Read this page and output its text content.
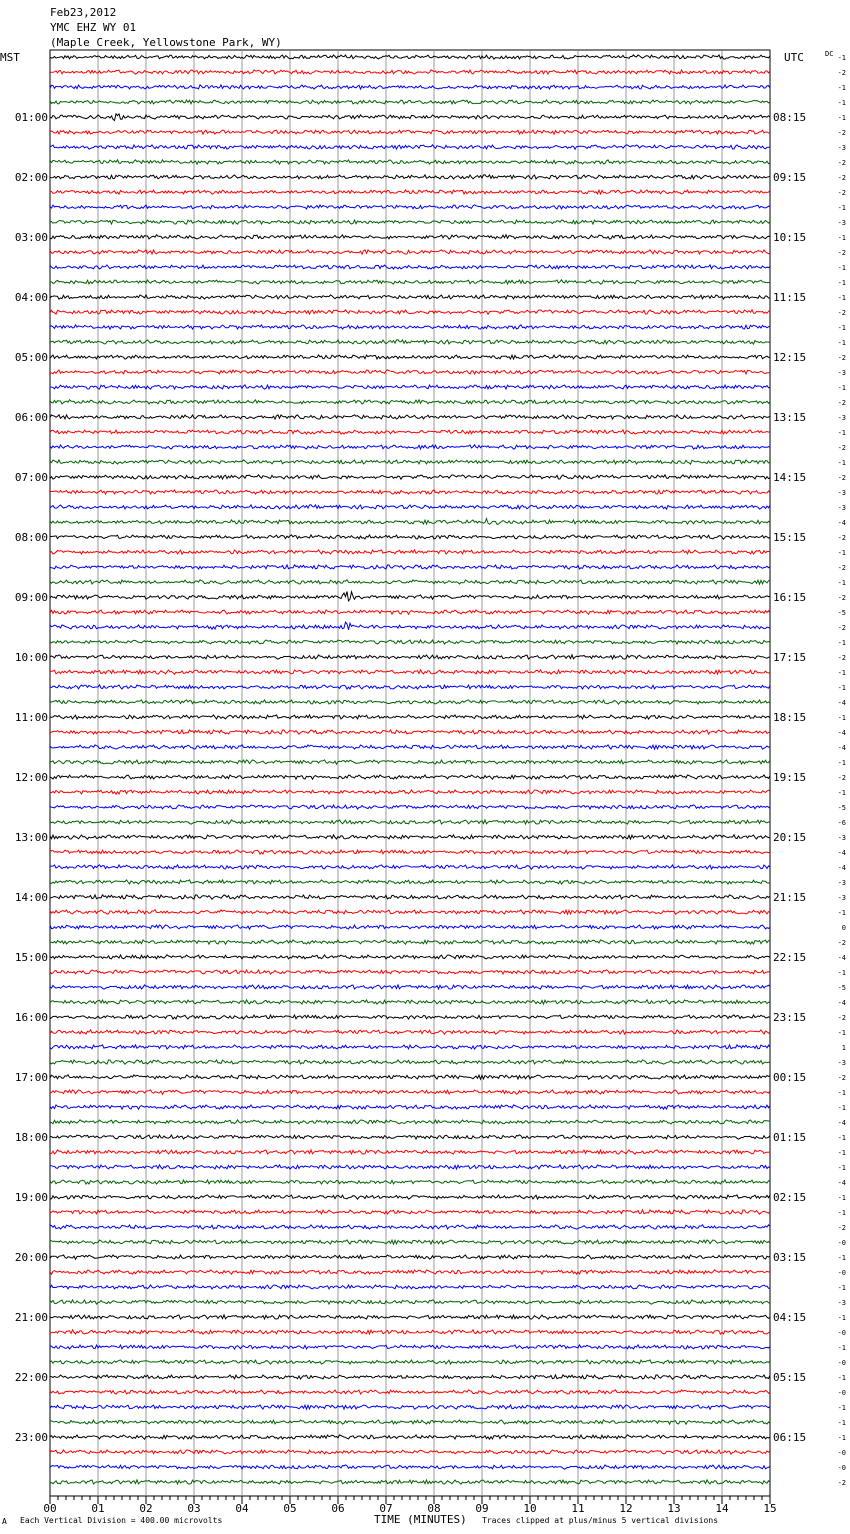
Feb23,2012
YMC EHZ WY 01
(Maple Creek, Yellowstone Park, WY)
MST	UTC	DC
00	01	02	03	04	05	06	07	08	09	10	11	12	13	14	15
-1
-2
-1
-1
-1
-2
-3
-2
-2
-2
-1
-3
-1
-2
-1
-1
-1
-2
-1
-1
-2
-3
-1
-2
-3
-1
-2
-1
-2
-3
-3
-4
-2
-1
-2
-1
-2
-5
-2
-1
-2
-1
-1
-4
-1
-4
-4
-1
-2
-1
-5
-6
-3
-4
-4
-3
-3
-1
0
-2
-4
-1
-5
-4
-2
-1
1
-3
-2
-1
-1
-4
-1
-1
-1
-4
-1
-1
-2
-0
-1
-0
-1
-3
-1
-0
-1
-0
-1
-0
-1
-1
-1
-0
-0
-2
01:00
02:00
03:00
04:00
05:00
06:00
07:00
08:00
09:00
10:00
11:00
12:00
13:00
14:00
15:00
16:00
17:00
18:00
19:00
20:00
21:00
22:00
23:00
08:15
09:15
10:15
11:15
12:15
13:15
14:15
15:15
16:15
17:15
18:15
19:15
20:15
21:15
22:15
23:15
00:15
01:15
02:15
03:15
04:15
05:15
06:15
TIME (MINUTES)
Each Vertical Division = 400.00 microvolts	Traces clipped at plus/minus 5 vertical divisions
A
